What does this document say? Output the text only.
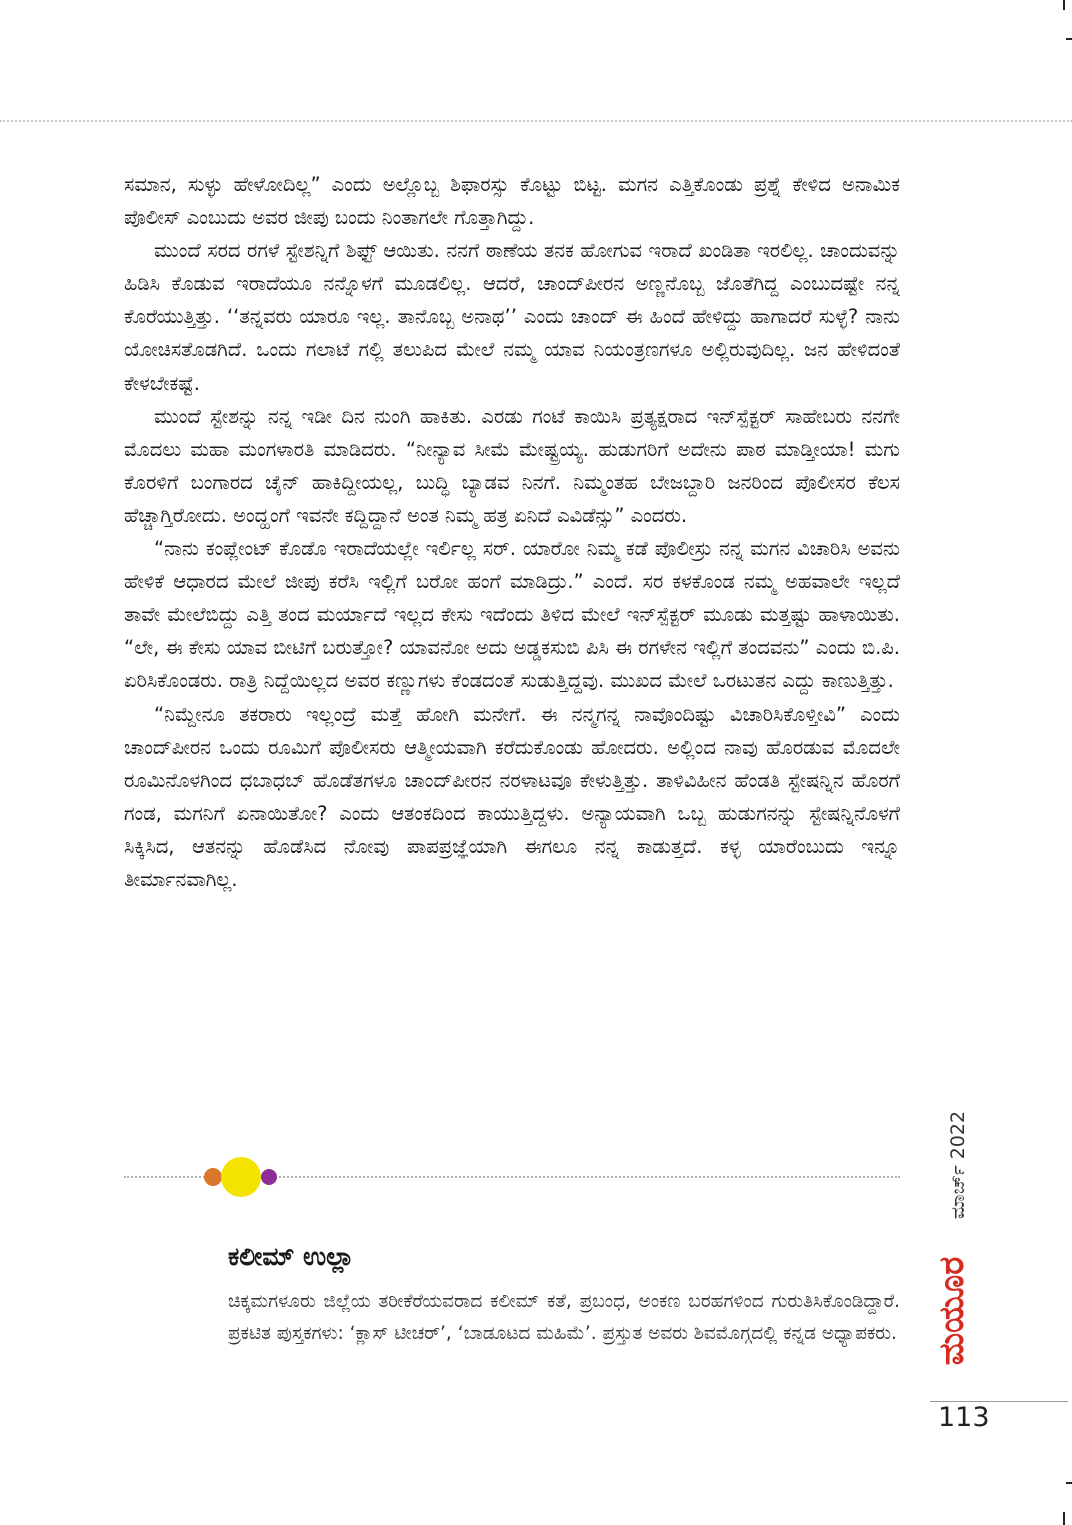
ಸಮಾನ, ಸುಳ್ಳು ಹೇಳೋದಿಲ್ಲ” ಎಂದು ಅಲ್ಲೊಬ್ಬ ಶಿಫಾರಸ್ಸು ಕೊಟ್ಟು ಬಿಟ್ಟ. ಮಗನ ಎತ್ತಿಕೊಂಡು ಪ್ರಶ್ನೆ ಕೇಳಿದ ಅನಾಮಿಕ ಪೊಲೀಸ್ ಎಂಬುದು ಅವರ ಜೀಪು ಬಂದು ನಿಂತಾಗಲೇ ಗೊತ್ತಾಗಿದ್ದು.

ಮುಂದೆ ಸರದ ರಗಳೆ ಸ್ಟೇಶನ್ನಿಗೆ ಶಿಫ್ಟ್ ಆಯಿತು. ನನಗೆ ಠಾಣೆಯ ತನಕ ಹೋಗುವ ಇರಾದೆ ಖಂಡಿತಾ ಇರಲಿಲ್ಲ. ಚಾಂದುವನ್ನು ಹಿಡಿಸಿ ಕೊಡುವ ಇರಾದೆಯೂ ನನ್ನೊಳಗೆ ಮೂಡಲಿಲ್ಲ. ಆದರೆ, ಚಾಂದ್‌ಪೀರನ ಅಣ್ಣನೊಬ್ಬ ಜೊತೆಗಿದ್ದ ಎಂಬುದಷ್ಟೇ ನನ್ನ ಕೊರೆಯುತ್ತಿತ್ತು. ‘‘ತನ್ನವರು ಯಾರೂ ಇಲ್ಲ. ತಾನೊಬ್ಬ ಅನಾಥ’’ ಎಂದು ಚಾಂದ್ ಈ ಹಿಂದೆ ಹೇಳಿದ್ದು ಹಾಗಾದರೆ ಸುಳ್ಳೆ? ನಾನು ಯೋಚಿಸತೊಡಗಿದೆ. ಒಂದು ಗಲಾಟೆ ಗಲ್ಲಿ ತಲುಪಿದ ಮೇಲೆ ನಮ್ಮ ಯಾವ ನಿಯಂತ್ರಣಗಳೂ ಅಲ್ಲಿರುವುದಿಲ್ಲ. ಜನ ಹೇಳಿದಂತೆ ಕೇಳಬೇಕಷ್ಟೆ.

ಮುಂದೆ ಸ್ಟೇಶನ್ನು ನನ್ನ ಇಡೀ ದಿನ ನುಂಗಿ ಹಾಕಿತು. ಎರಡು ಗಂಟೆ ಕಾಯಿಸಿ ಪ್ರತ್ಯಕ್ಷರಾದ ಇನ್‌ಸ್ಪೆಕ್ಟರ್ ಸಾಹೇಬರು ನನಗೇ ಮೊದಲು ಮಹಾ ಮಂಗಳಾರತಿ ಮಾಡಿದರು. “ನೀನ್ಯಾವ ಸೀಮೆ ಮೇಷ್ಟ್ರಯ್ಯ. ಹುಡುಗರಿಗೆ ಅದೇನು ಪಾಠ ಮಾಡ್ತೀಯಾ! ಮಗು ಕೊರಳಿಗೆ ಬಂಗಾರದ ಚೈನ್ ಹಾಕಿದ್ದೀಯಲ್ಲ, ಬುದ್ಧಿ ಬ್ಯಾಡವ ನಿನಗೆ. ನಿಮ್ಮಂತಹ ಬೇಜಬ್ದಾರಿ ಜನರಿಂದ ಪೊಲೀಸರ ಕೆಲಸ ಹೆಚ್ಚಾಗ್ತಿರೋದು. ಅಂದ್ಹಂಗೆ ಇವನೇ ಕದ್ದಿದ್ದಾನೆ ಅಂತ ನಿಮ್ಮ ಹತ್ರ ಏನಿದೆ ಎವಿಡೆನ್ಸು” ಎಂದರು.

“ನಾನು ಕಂಪ್ಲೇಂಟ್ ಕೊಡೊ ಇರಾದೆಯಲ್ಲೇ ಇರ್ಲಿಲ್ಲ ಸರ್. ಯಾರೋ ನಿಮ್ಮ ಕಡೆ ಪೊಲೀಸ್ರು ನನ್ನ ಮಗನ ವಿಚಾರಿಸಿ ಅವನು ಹೇಳಿಕೆ ಆಧಾರದ ಮೇಲೆ ಜೀಪು ಕರೆಸಿ ಇಲ್ಲಿಗೆ ಬರೋ ಹಂಗೆ ಮಾಡಿದ್ರು.” ಎಂದೆ. ಸರ ಕಳಕೊಂಡ ನಮ್ಮ ಅಹವಾಲೇ ಇಲ್ಲದೆ ತಾವೇ ಮೇಲೆಬಿದ್ದು ಎತ್ತಿ ತಂದ ಮರ್ಯಾದೆ ಇಲ್ಲದ ಕೇಸು ಇದೆಂದು ತಿಳಿದ ಮೇಲೆ ಇನ್‌ಸ್ಪೆಕ್ಟರ್ ಮೂಡು ಮತ್ತಷ್ಟು ಹಾಳಾಯಿತು. “ಲೇ, ಈ ಕೇಸು ಯಾವ ಬೀಟಿಗೆ ಬರುತ್ತೋ? ಯಾವನೋ ಅದು ಅಡ್ಡಕಸುಬಿ ಪಿಸಿ ಈ ರಗಳೇನ ಇಲ್ಲಿಗೆ ತಂದವನು” ಎಂದು ಬಿ.ಪಿ. ಏರಿಸಿಕೊಂಡರು. ರಾತ್ರಿ ನಿದ್ದೆಯಿಲ್ಲದ ಅವರ ಕಣ್ಣುಗಳು ಕೆಂಡದಂತೆ ಸುಡುತ್ತಿದ್ದವು. ಮುಖದ ಮೇಲೆ ಒರಟುತನ ಎದ್ದು ಕಾಣುತ್ತಿತ್ತು.

“ನಿಮ್ದೇನೂ ತಕರಾರು ಇಲ್ಲಂದ್ರೆ ಮತ್ತೆ ಹೋಗಿ ಮನೇಗೆ. ಈ ನನ್ಮಗನ್ನ ನಾವೊಂದಿಷ್ಟು ವಿಚಾರಿಸಿಕೊಳ್ತೀವಿ” ಎಂದು ಚಾಂದ್‌ಪೀರನ ಒಂದು ರೂಮಿಗೆ ಪೊಲೀಸರು ಆತ್ಮೀಯವಾಗಿ ಕರೆದುಕೊಂಡು ಹೋದರು. ಅಲ್ಲಿಂದ ನಾವು ಹೊರಡುವ ಮೊದಲೇ ರೂಮಿನೊಳಗಿಂದ ಧಬಾಧಬ್ ಹೊಡೆತಗಳೂ ಚಾಂದ್‌ಪೀರನ ನರಳಾಟವೂ ಕೇಳುತ್ತಿತ್ತು. ತಾಳಿವಿಹೀನ ಹೆಂಡತಿ ಸ್ಟೇಷನ್ನಿನ ಹೊರಗೆ ಗಂಡ, ಮಗನಿಗೆ ಏನಾಯಿತೋ? ಎಂದು ಆತಂಕದಿಂದ ಕಾಯುತ್ತಿದ್ದಳು. ಅನ್ಯಾಯವಾಗಿ ಒಬ್ಬ ಹುಡುಗನನ್ನು ಸ್ಟೇಷನ್ನಿನೊಳಗೆ ಸಿಕ್ಕಿಸಿದ, ಆತನನ್ನು ಹೊಡೆಸಿದ ನೋವು ಪಾಪಪ್ರಜ್ಞೆಯಾಗಿ ಈಗಲೂ ನನ್ನ ಕಾಡುತ್ತದೆ. ಕಳ್ಳ ಯಾರೆಂಬುದು ಇನ್ನೂ ತೀರ್ಮಾನವಾಗಿಲ್ಲ.

ಕಲೀಮ್ ಉಲ್ಲಾ

ಚಿಕ್ಕಮಗಳೂರು ಜಿಲ್ಲೆಯ ತರೀಕೆರೆಯವರಾದ ಕಲೀಮ್ ಕತೆ, ಪ್ರಬಂಧ, ಅಂಕಣ ಬರಹಗಳಿಂದ ಗುರುತಿಸಿಕೊಂಡಿದ್ದಾರೆ. ಪ್ರಕಟಿತ ಪುಸ್ತಕಗಳು: ‘ಕ್ಲಾಸ್ ಟೀಚರ್’, ‘ಬಾಡೂಟದ ಮಹಿಮೆ’. ಪ್ರಸ್ತುತ ಅವರು ಶಿವಮೊಗ್ಗದಲ್ಲಿ ಕನ್ನಡ ಅಧ್ಯಾಪಕರು.

ಮಾರ್ಚ್ 2022
ಮಯೂರ
113
